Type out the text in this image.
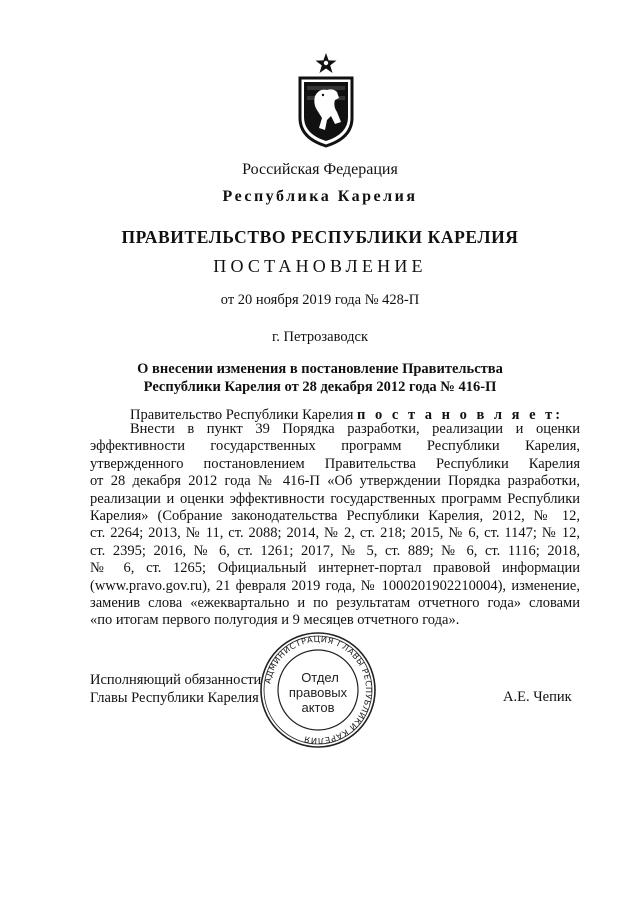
Российская Федерация
Республика Карелия
ПРАВИТЕЛЬСТВО РЕСПУБЛИКИ КАРЕЛИЯ
ПОСТАНОВЛЕНИЕ
от 20 ноября 2019 года № 428-П
г. Петрозаводск
О внесении изменения в постановление Правительства
Республики Карелия от 28 декабря 2012 года № 416-П
Правительство Республики Карелия п о с т а н о в л я е т:
Внести в пункт 39 Порядка разработки, реализации и оценки
эффективности государственных программ Республики Карелия,
утвержденного постановлением Правительства Республики Карелия
от 28 декабря 2012 года № 416-П «Об утверждении Порядка разработки,
реализации и оценки эффективности государственных программ Республики
Карелия» (Собрание законодательства Республики Карелия, 2012, № 12,
ст. 2264; 2013, № 11, ст. 2088; 2014, № 2, ст. 218; 2015, № 6, ст. 1147; № 12,
ст. 2395; 2016, № 6, ст. 1261; 2017, № 5, ст. 889; № 6, ст. 1116; 2018,
№ 6, ст. 1265; Официальный интернет-портал правовой информации
(www.pravo.gov.ru), 21 февраля 2019 года, № 1000201902210004), изменение,
заменив слова «ежеквартально и по результатам отчетного года» словами
«по итогам первого полугодия и 9 месяцев отчетного года».
Исполняющий обязанности
Главы Республики Карелия	А.Е. Чепик
АДМИНИСТРАЦИЯ ГЛАВЫ РЕСПУБЛИКИ КАРЕЛИЯ
Отдел
правовых
актов
